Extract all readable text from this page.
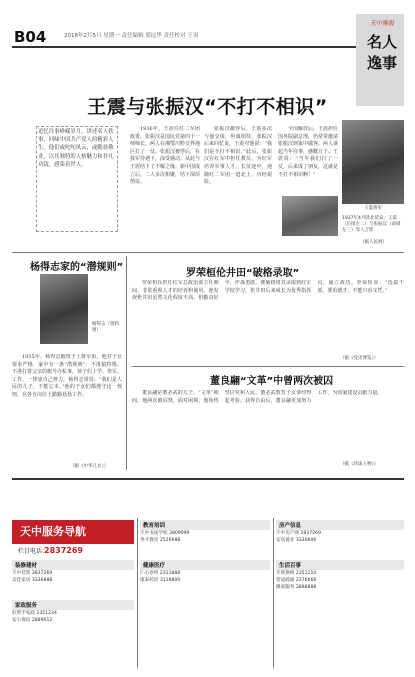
B04	2018年2月5日 星期一 责任编辑 梁远华 责任校对 王羽
天中晚报
名人
逸事
王震与张振汉“不打不相识”
追忆往事峥嵘岁月，讲述名人轶事，回味中国共产党人的精彩人生。他们或叱咤风云，或勤恳敬业，以其独特的人格魅力和非凡功绩，感染着世人。

1936年，王震任红二军团政委，张振汉是国民党第四十一师师长，两人在湘鄂川黔交界地区打了一仗。张振汉被俘后，在我军待遇下，深受感动，从此与王震结下了不解之缘。新中国成立后，二人多次相聚，结下深厚情谊。

张振汉被俘后，王震多次与他交谈，坦诚相待。张振汉后来回忆说，王震对他说：“我们是不打不相识。”此后，张振汉在红军中担任教员，为红军培养军事人才。长征途中，他随红二军团一道北上，历经艰险。

全国解放后，王震担任国务院副总理，仍常常邀请张振汉到家中做客。两人谈起当年往事，感慨万千。王震说：“当年我们打了一仗，后来成了朋友，这就是不打不相识啊！”

王震将军
1937年4月陕北延安，王震（后排左二）与张振汉（前排左三）等人合影
（据人民网）
杨得志家的“潜规则”
杨得志（资料图）

1955年，杨得志被授予上将军衔。他对子女要求严格，家中有一条“潜规则”：不准搞特殊，不准打着父亲的旗号办私事。孩子们上学、参军、工作，一律靠自己努力。杨得志常说：“我们是人民的儿子，不能忘本。”他的子女们都遵守这一规则，在各自岗位上勤勤恳恳工作。

（据《中华儿女》）
罗荣桓伦井田“破格录取”

罗荣桓在担任红军总政治部主任期间，非常重视人才的培养和使用。他发现伦井田虽然文化程度不高，但勤奋好学，作战勇敢，便破格将其录取到红军学校学习。伦井田后来成长为优秀指挥员，屡立战功。罗荣桓说：“选拔干部，要看德才，不能只看文凭。”

（据《党史博览》）
董良翮“文革”中曾两次被囚

董良翮是董必武的儿子。“文革”期间，他两次被囚禁。面对困境，他始终坚信党和人民。董必武教育子女要经得起考验。获得自由后，董良翮更加努力工作，为国家建设贡献力量。

（据《环球人物》）
天中服务导航
栏目电话：
2837269
装修建材
天中装饰 2837269
美佳家居 3336888
家政服务
好帮手家政 2351234
安心保洁 2889012
教育培训
天中书法学校 3809999
英才教育 2526688
健康医疗
仁心诊所 2311888
康泰药房 3118800
房产信息
天中房产网 2837269
安居置业 3330606
生活百事
开锁换锁 2351110
管道疏通 2376666
搬家服务 2898888
